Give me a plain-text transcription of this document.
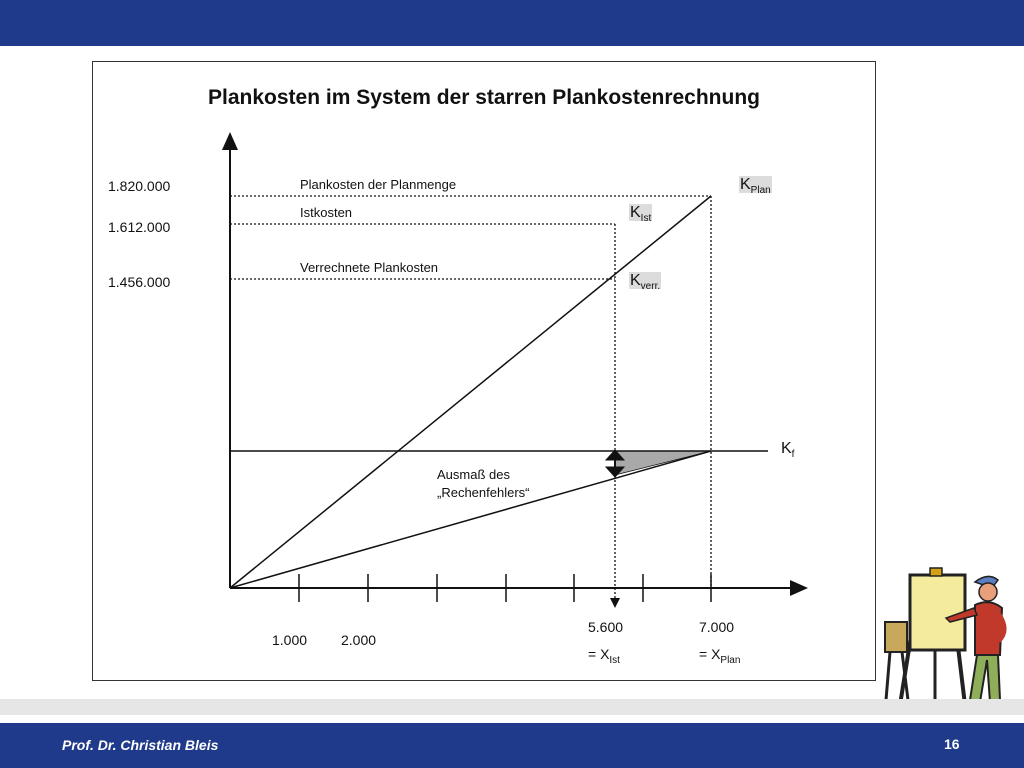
Plankosten im System der starren Plankostenrechnung
1.820.000
1.612.000
1.456.000
Plankosten der Planmenge
Istkosten
Verrechnete Plankosten
Ausmaß des
„Rechenfehlers“
$K_{Plan}$
$K_{Ist}$
$K_{verr.}$
$K_f$
1.000 2.000
5.600
= $X_{Ist}$
7.000
= $X_{Plan}$
Prof. Dr. Christian Bleis	16
